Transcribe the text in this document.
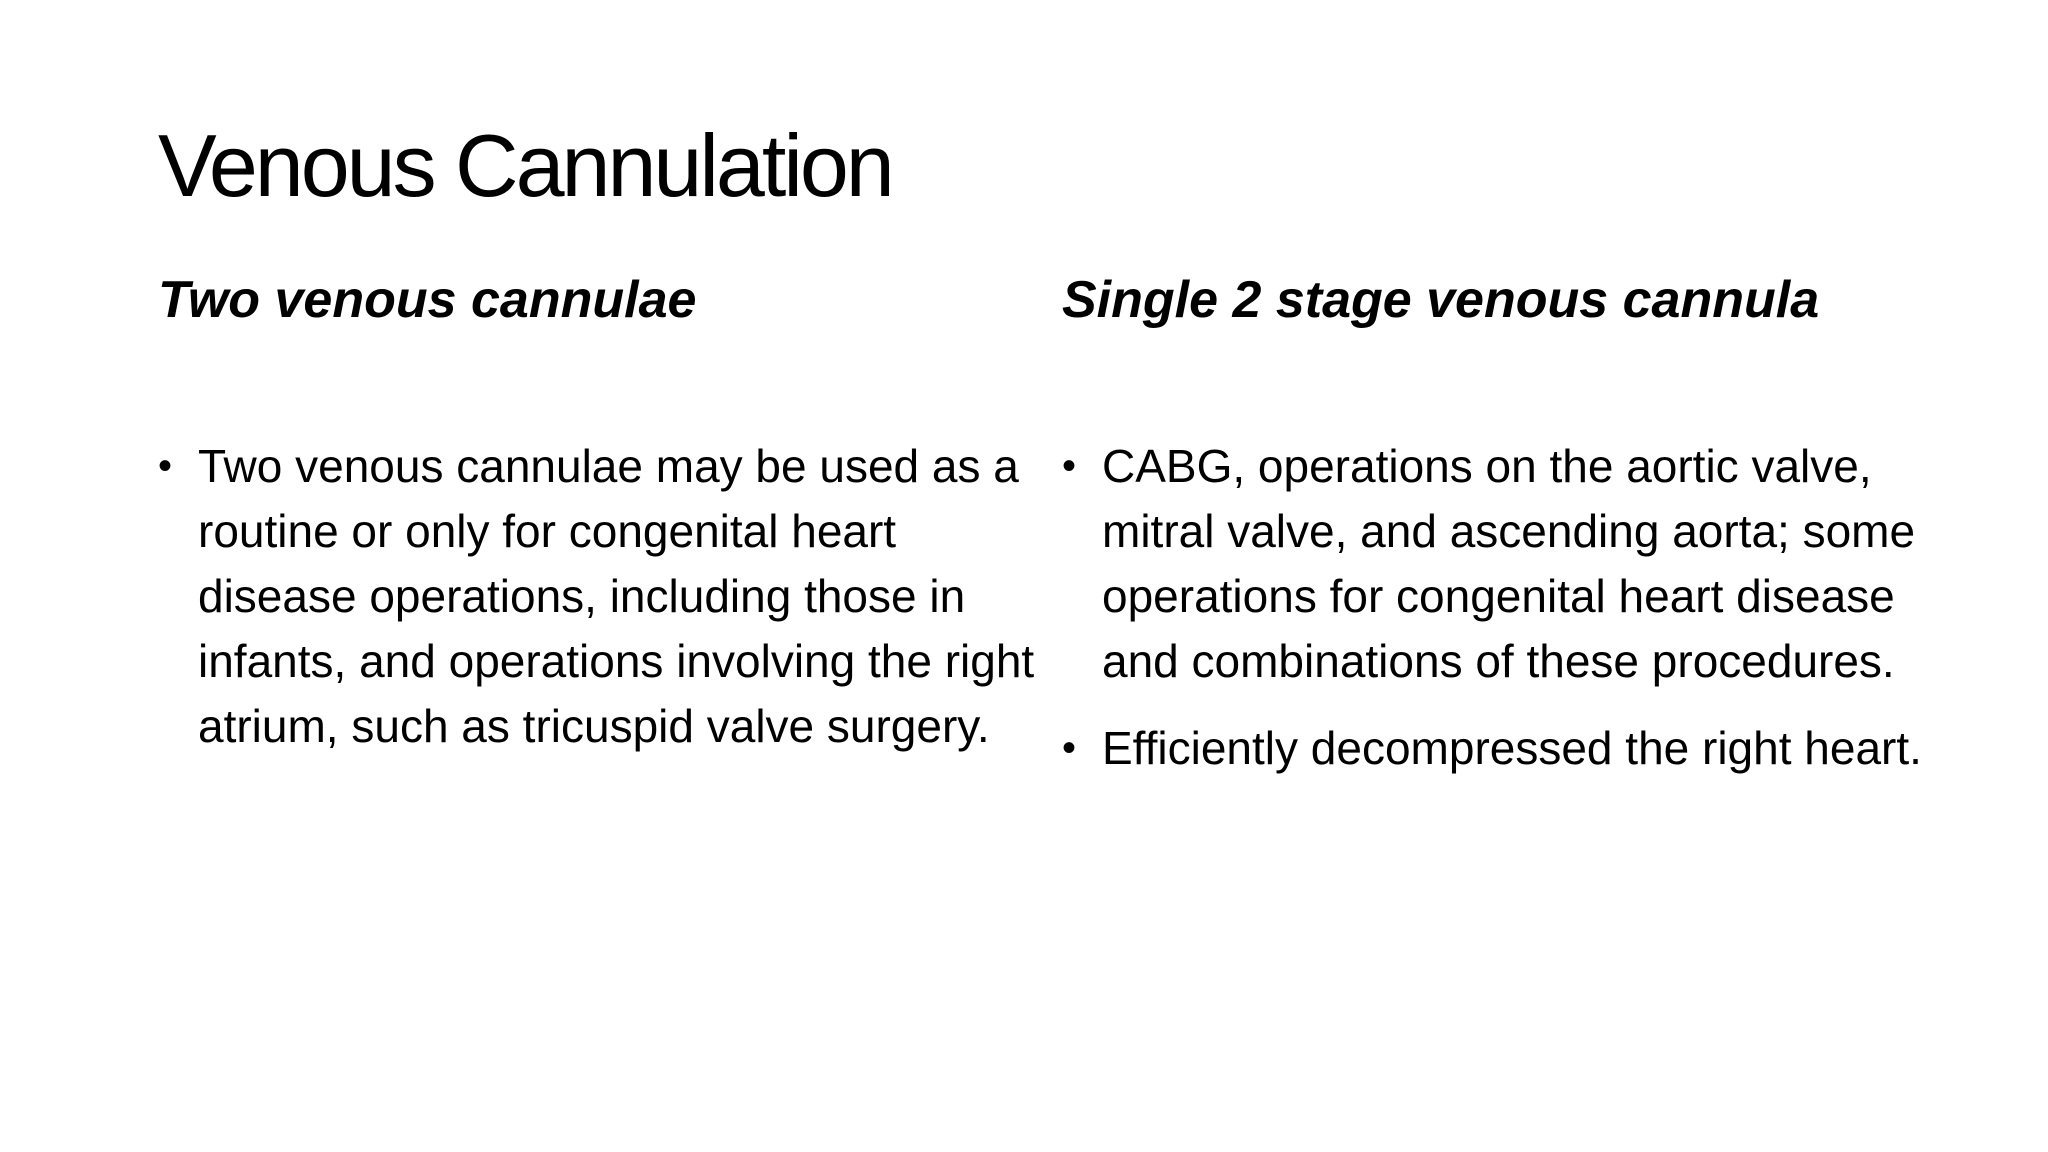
Venous Cannulation
Two venous cannulae
• Two venous cannulae may be used as a routine or only for congenital heart disease operations, including those in infants, and operations involving the right atrium, such as tricuspid valve surgery.
Single 2 stage venous cannula
• CABG, operations on the aortic valve, mitral valve, and ascending aorta; some operations for congenital heart disease and combinations of these procedures.
• Efficiently decompressed the right heart.
